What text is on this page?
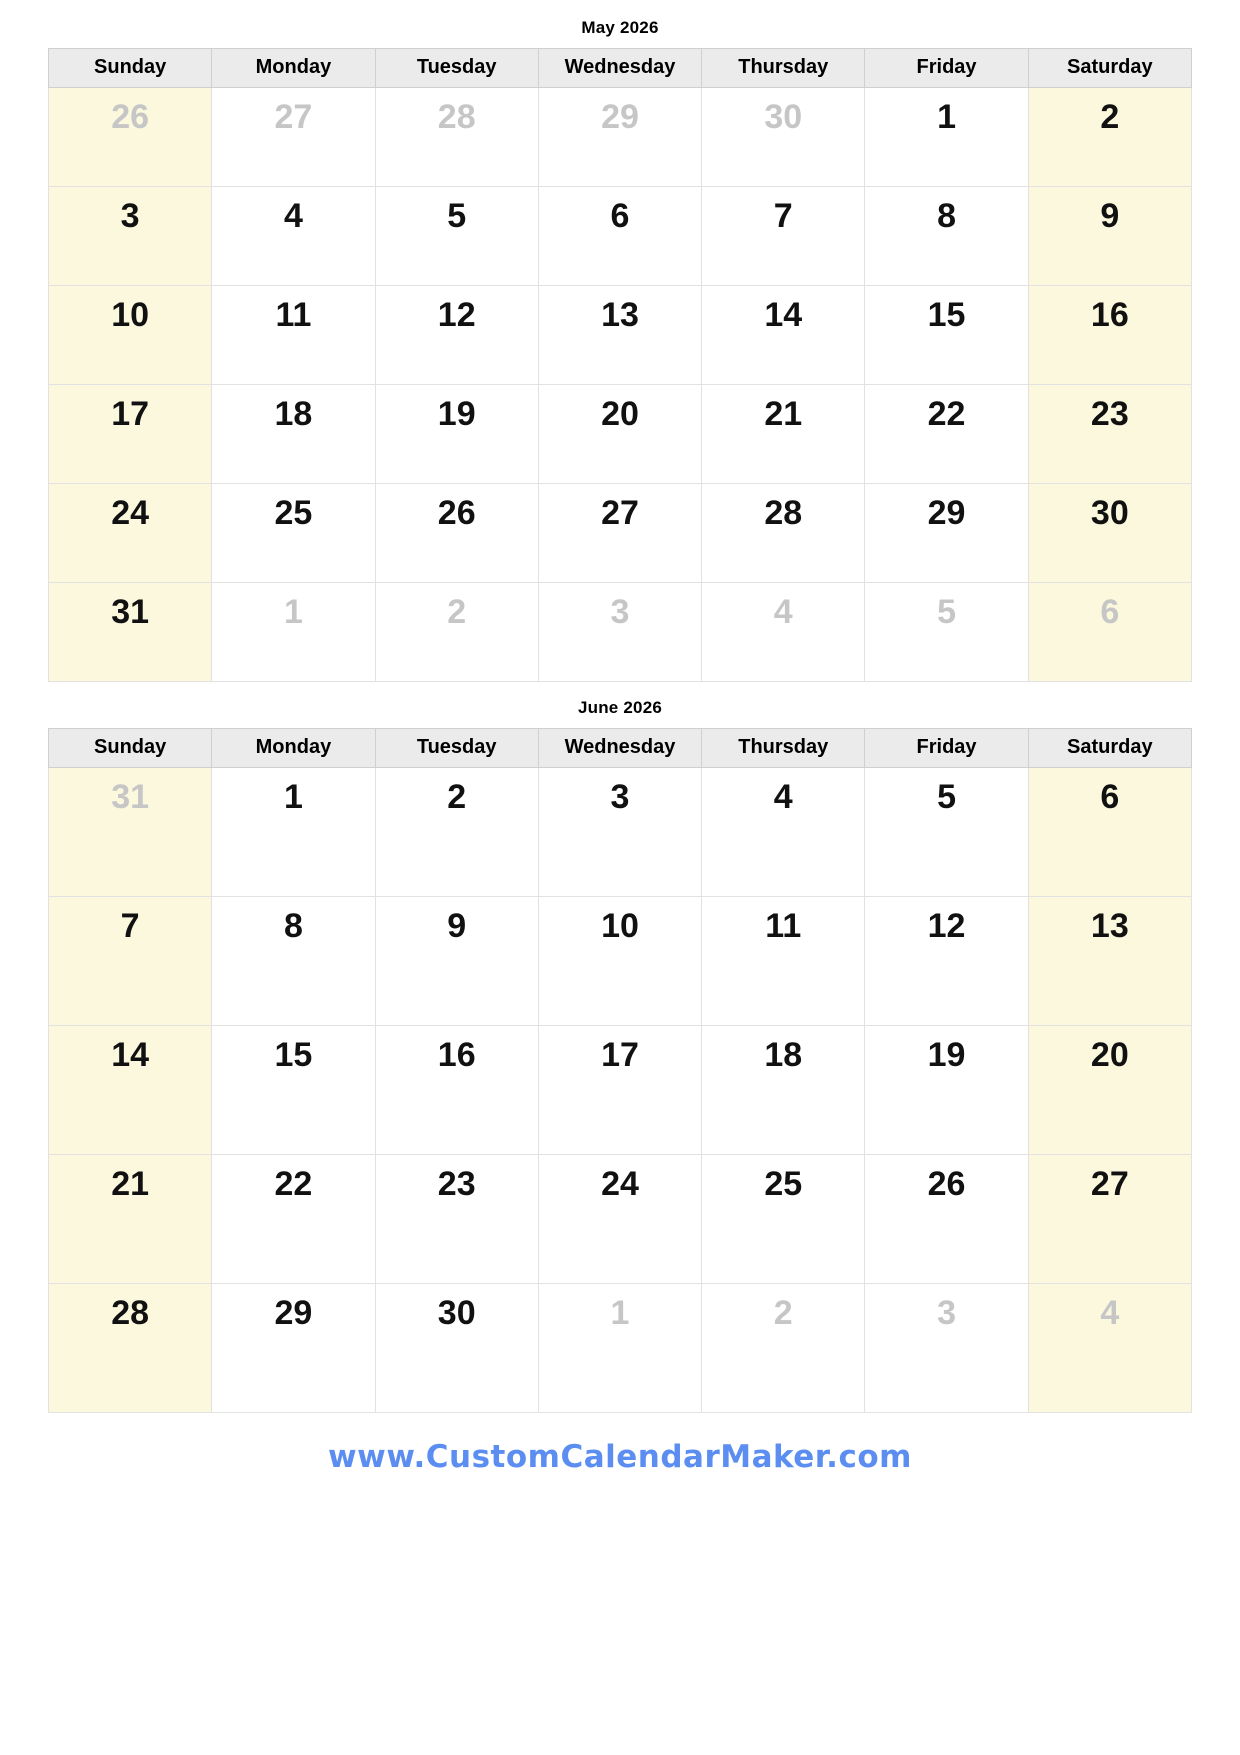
May 2026
Sunday	Monday	Tuesday	Wednesday	Thursday	Friday	Saturday
26	27	28	29	30	1	2
3	4	5	6	7	8	9
10	11	12	13	14	15	16
17	18	19	20	21	22	23
24	25	26	27	28	29	30
31	1	2	3	4	5	6
June 2026
Sunday	Monday	Tuesday	Wednesday	Thursday	Friday	Saturday
31	1	2	3	4	5	6
7	8	9	10	11	12	13
14	15	16	17	18	19	20
21	22	23	24	25	26	27
28	29	30	1	2	3	4
www.CustomCalendarMaker.com
